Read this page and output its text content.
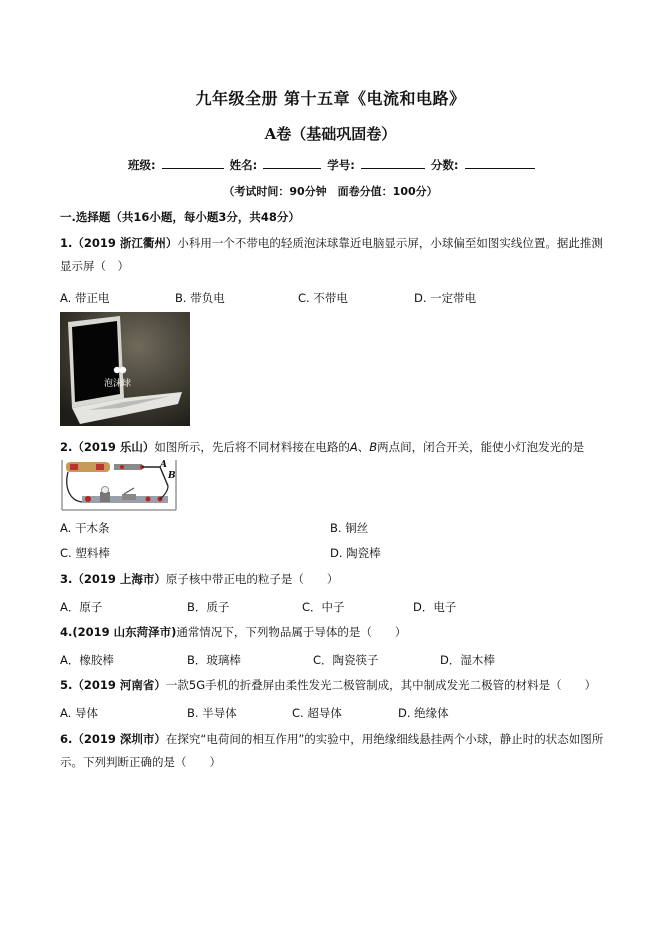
九年级全册 第十五章《电流和电路》
A卷（基础巩固卷）
班级:	姓名:	学号:	分数:
（考试时间：90分钟　面卷分值：100分）
一.选择题（共16小题，每小题3分，共48分）
1.（2019 浙江衢州）小科用一个不带电的轻质泡沫球靠近电脑显示屏，小球偏至如图实线位置。据此推测
显示屏（　）
A. 带正电	B. 带负电	C. 不带电	D. 一定带电
泡沫球
2.（2019 乐山）如图所示，先后将不同材料接在电路的A、B两点间，闭合开关，能使小灯泡发光的是
A
B
A. 干木条	B. 铜丝
C. 塑料棒	D. 陶瓷棒
3.（2019 上海市）原子核中带正电的粒子是（　　）
A．原子	B．质子	C．中子	D．电子
4.(2019 山东菏泽市)通常情况下，下列物品属于导体的是（　　）
A．橡胶棒	B．玻璃棒	C．陶瓷筷子	D．湿木棒
5.（2019 河南省）一款5G手机的折叠屏由柔性发光二极管制成，其中制成发光二极管的材料是（　　）
A. 导体	B. 半导体	C. 超导体	D. 绝缘体
6.（2019 深圳市）在探究“电荷间的相互作用”的实验中，用绝缘细线悬挂两个小球，静止时的状态如图所
示。下列判断正确的是（　　）
